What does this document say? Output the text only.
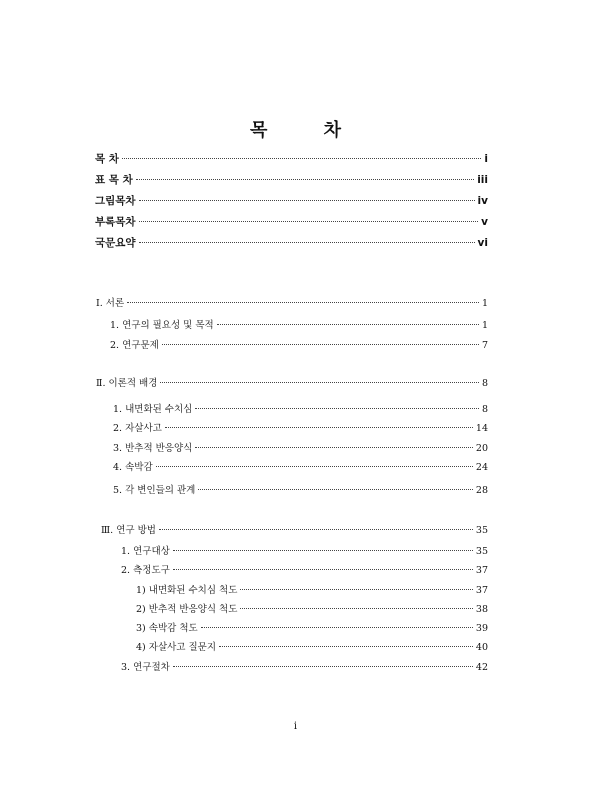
목 차
목 차	i
표 목 차	iii
그림목차	iv
부록목차	v
국문요약	vi
Ⅰ. 서론	1
1. 연구의 필요성 및 목적	1
2. 연구문제	7
Ⅱ. 이론적 배경	8
1. 내면화된 수치심	8
2. 자살사고	14
3. 반추적 반응양식	20
4. 속박감	24
5. 각 변인들의 관계	28
Ⅲ. 연구 방법	35
1. 연구대상	35
2. 측정도구	37
1) 내면화된 수치심 척도	37
2) 반추적 반응양식 척도	38
3) 속박감 척도	39
4) 자살사고 질문지	40
3. 연구절차	42
i
